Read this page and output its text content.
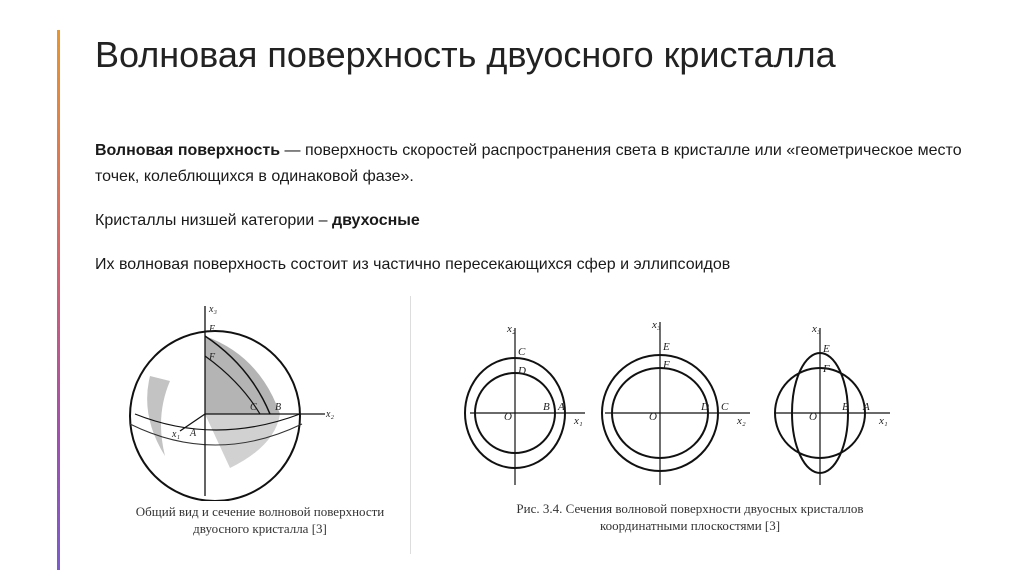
Волновая поверхность двуосного кристалла

Волновая поверхность — поверхность скоростей распространения света в кристалле или «геометрическое место точек, колеблющихся в одинаковой фазе».

Кристаллы низшей категории – двухосные

Их волновая поверхность состоит из частично пересекающихся сфер и эллипсоидов

x₃
E
F
C B
x₂
x₁ A
Общий вид и сечение волновой поверхности
двуосного кристалла [3]
x₂
C
D
O
B A
x₁
x₃
E
F
O
D C
x₂
x₃
E
F
O
B A
x₁
Рис. 3.4. Сечения волновой поверхности двуосных кристаллов
координатными плоскостями [3]
